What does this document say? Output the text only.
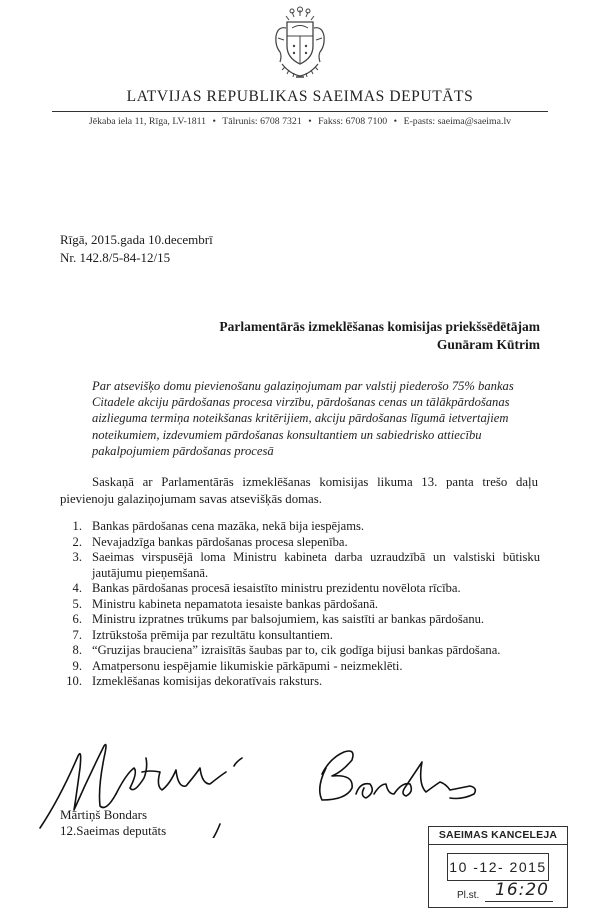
LATVIJAS REPUBLIKAS SAEIMAS DEPUTĀTS
Jēkaba iela 11, Rīga, LV-1811 • Tālrunis: 6708 7321 • Fakss: 6708 7100 • E-pasts: saeima@saeima.lv
Rīgā, 2015.gada 10.decembrī
Nr. 142.8/5-84-12/15
Parlamentārās izmeklēšanas komisijas priekšsēdētājam
Gunāram Kūtrim
Par atsevišķo domu pievienošanu galaziņojumam par valstij piederošo 75% bankas Citadele akciju pārdošanas procesa virzību, pārdošanas cenas un tālākpārdošanas aizlieguma termiņa noteikšanas kritērijiem, akciju pārdošanas līgumā ietvertajiem noteikumiem, izdevumiem pārdošanas konsultantiem un sabiedrisko attiecību pakalpojumiem pārdošanas procesā
Saskaņā ar Parlamentārās izmeklēšanas komisijas likuma 13. panta trešo daļu pievienoju galaziņojumam savas atsevišķās domas.
1. Bankas pārdošanas cena mazāka, nekā bija iespējams.
2. Nevajadzīga bankas pārdošanas procesa slepenība.
3. Saeimas virspusējā loma Ministru kabineta darba uzraudzībā un valstiski būtisku jautājumu pieņemšanā.
4. Bankas pārdošanas procesā iesaistīto ministru prezidentu novēlota rīcība.
5. Ministru kabineta nepamatota iesaiste bankas pārdošanā.
6. Ministru izpratnes trūkums par balsojumiem, kas saistīti ar bankas pārdošanu.
7. Iztrūkstoša prēmija par rezultātu konsultantiem.
8. “Gruzijas brauciena” izraisītās šaubas par to, cik godīga bijusi bankas pārdošana.
9. Amatpersonu iespējamie likumiskie pārkāpumi - neizmeklēti.
10. Izmeklēšanas komisijas dekoratīvais raksturs.
Mārtiņš Bondars
12.Saeimas deputāts	SAEIMAS KANCELEJA
10 -12- 2015
Pl.st. 16:20
